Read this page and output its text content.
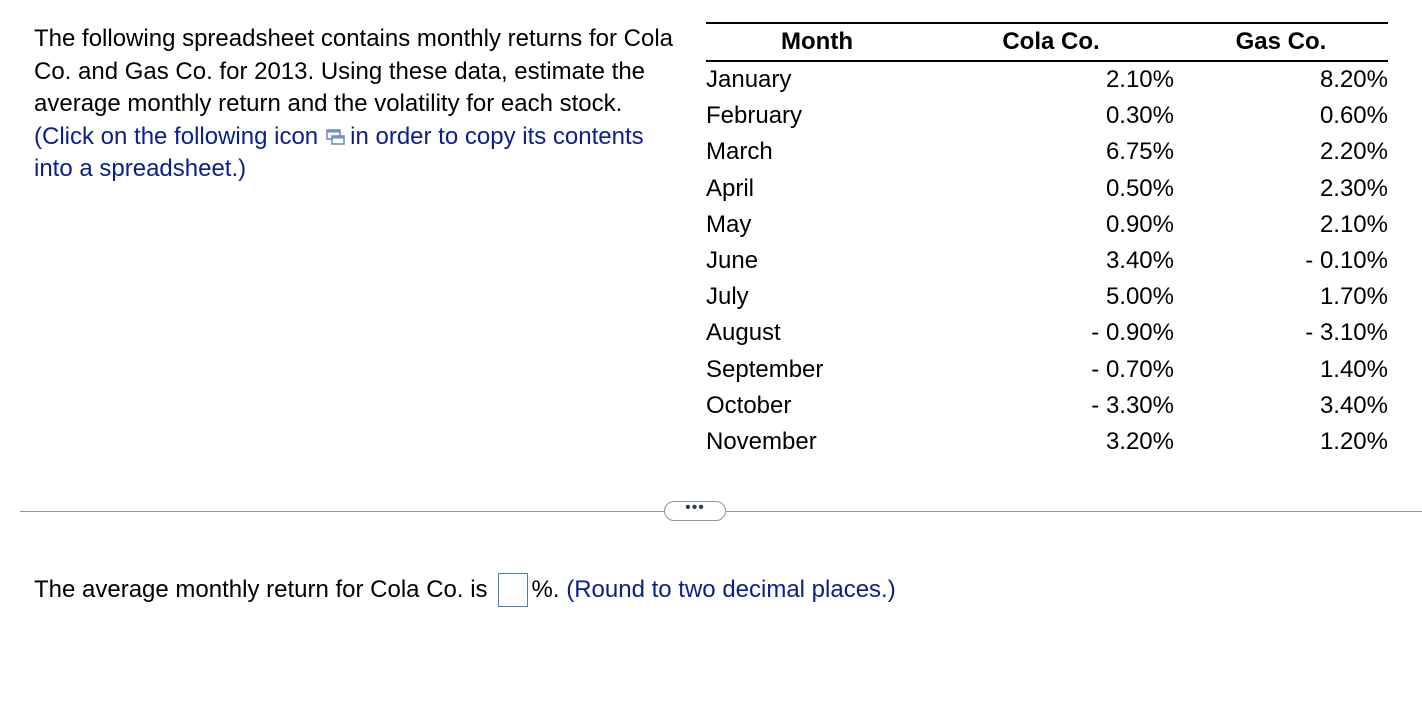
The following spreadsheet contains monthly returns for Cola Co. and Gas Co. for 2013. Using these data, estimate the average monthly return and the volatility for each stock. (Click on the following icon in order to copy its contents into a spreadsheet.)
Month	Cola Co.	Gas Co.
January	2.10%	8.20%
February	0.30%	0.60%
March	6.75%	2.20%
April	0.50%	2.30%
May	0.90%	2.10%
June	3.40%	- 0.10%
July	5.00%	1.70%
August	- 0.90%	- 3.10%
September	- 0.70%	1.40%
October	- 3.30%	3.40%
November	3.20%	1.20%
•••
The average monthly return for Cola Co. is %. (Round to two decimal places.)
